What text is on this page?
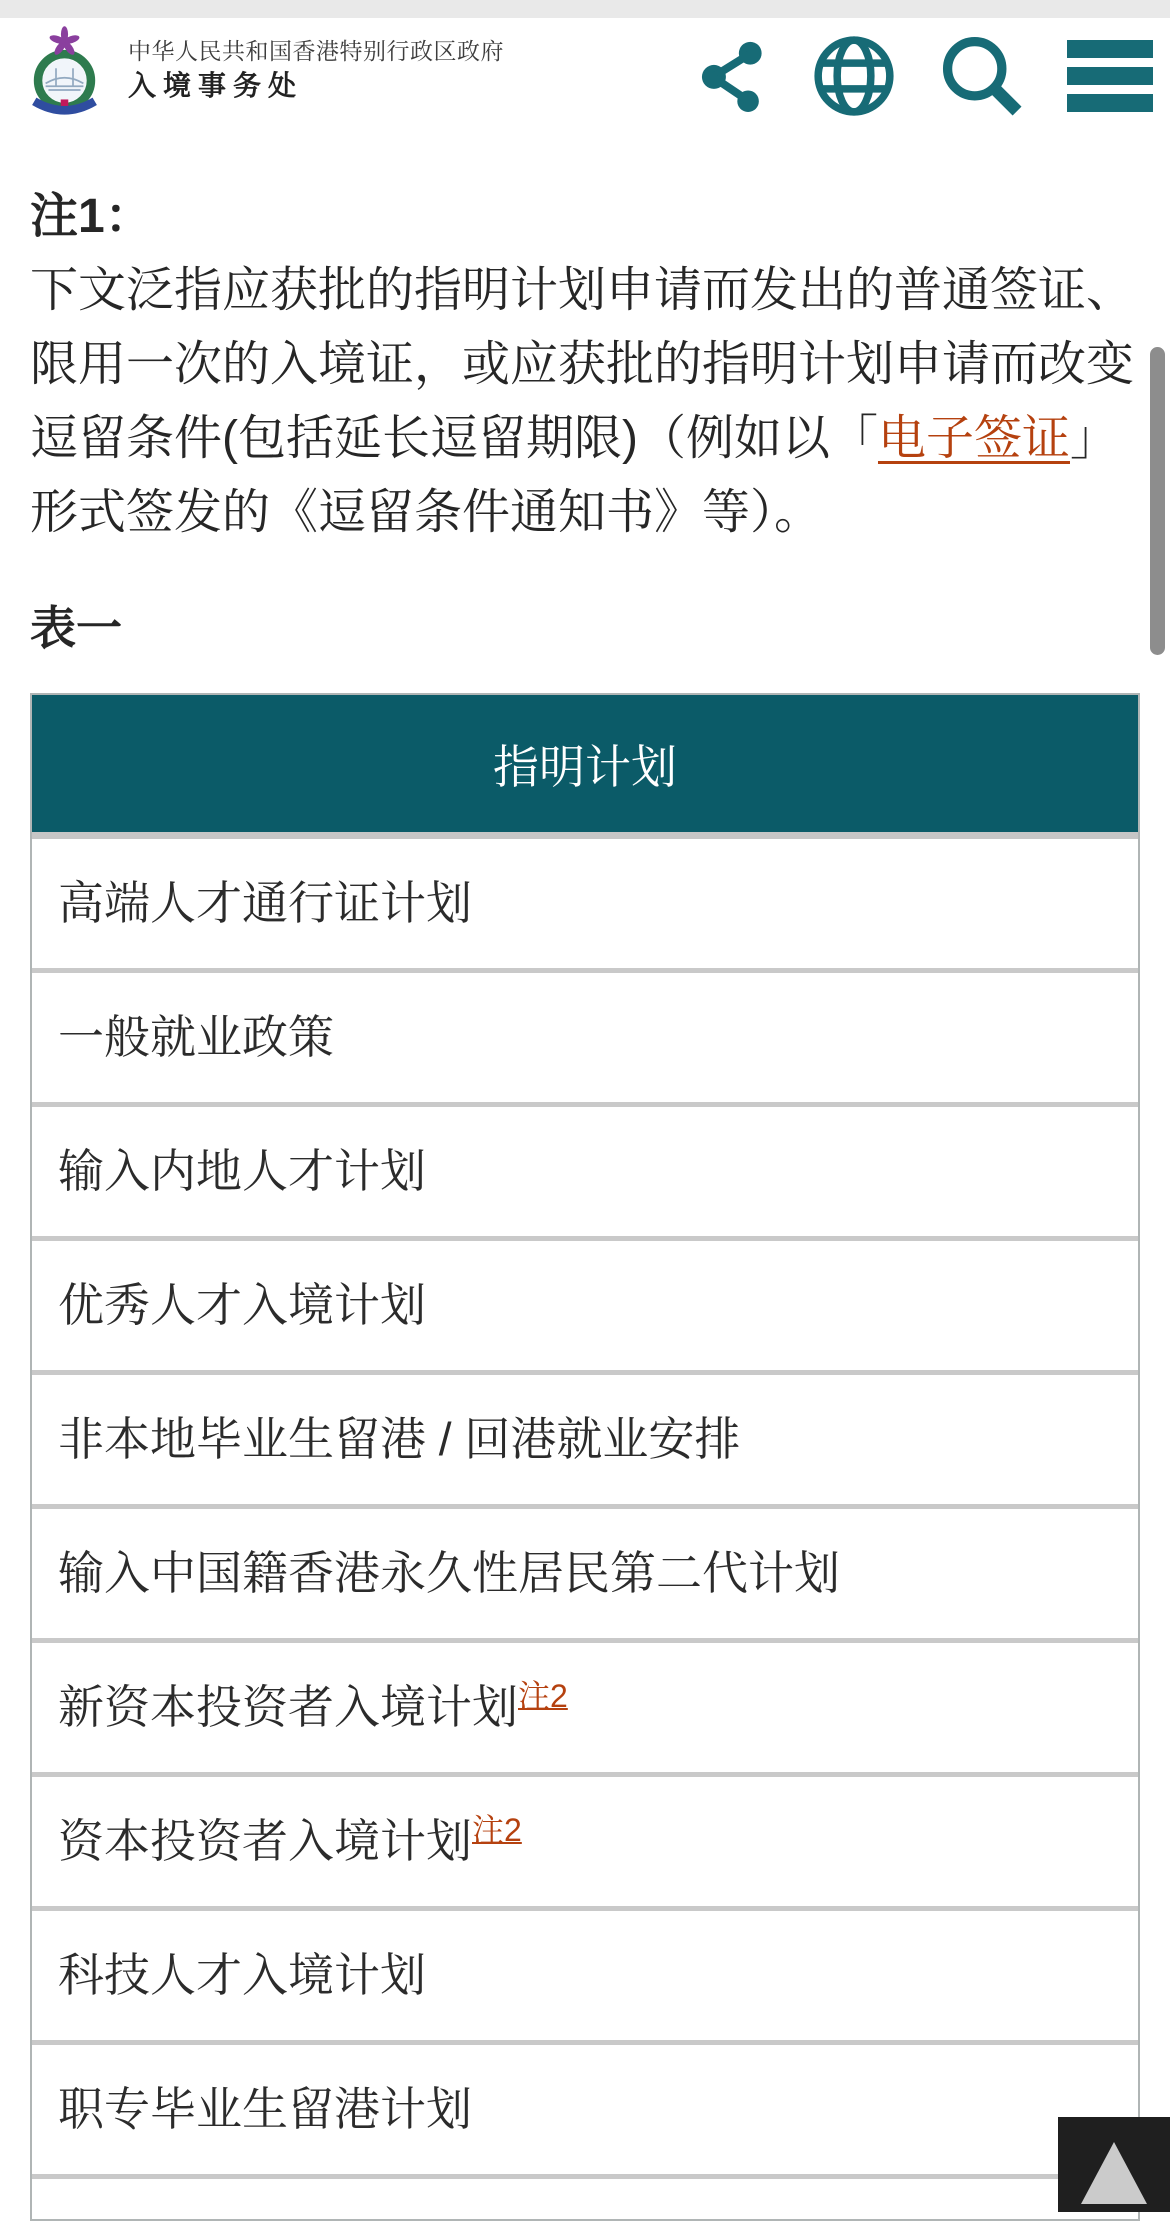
中华人民共和国香港特别行政区政府
入境事务处
注1：

下文泛指应获批的指明计划申请而发出的普通签证、限用一次的入境证，或应获批的指明计划申请而改变逗留条件(包括延长逗留期限)（例如以「电子签证」形式签发的《逗留条件通知书》等）。

表一
指明计划
高端人才通行证计划
一般就业政策
输入内地人才计划
优秀人才入境计划
非本地毕业生留港 / 回港就业安排
输入中国籍香港永久性居民第二代计划
新资本投资者入境计划$^{注2}$
资本投资者入境计划$^{注2}$
科技人才入境计划
职专毕业生留港计划
